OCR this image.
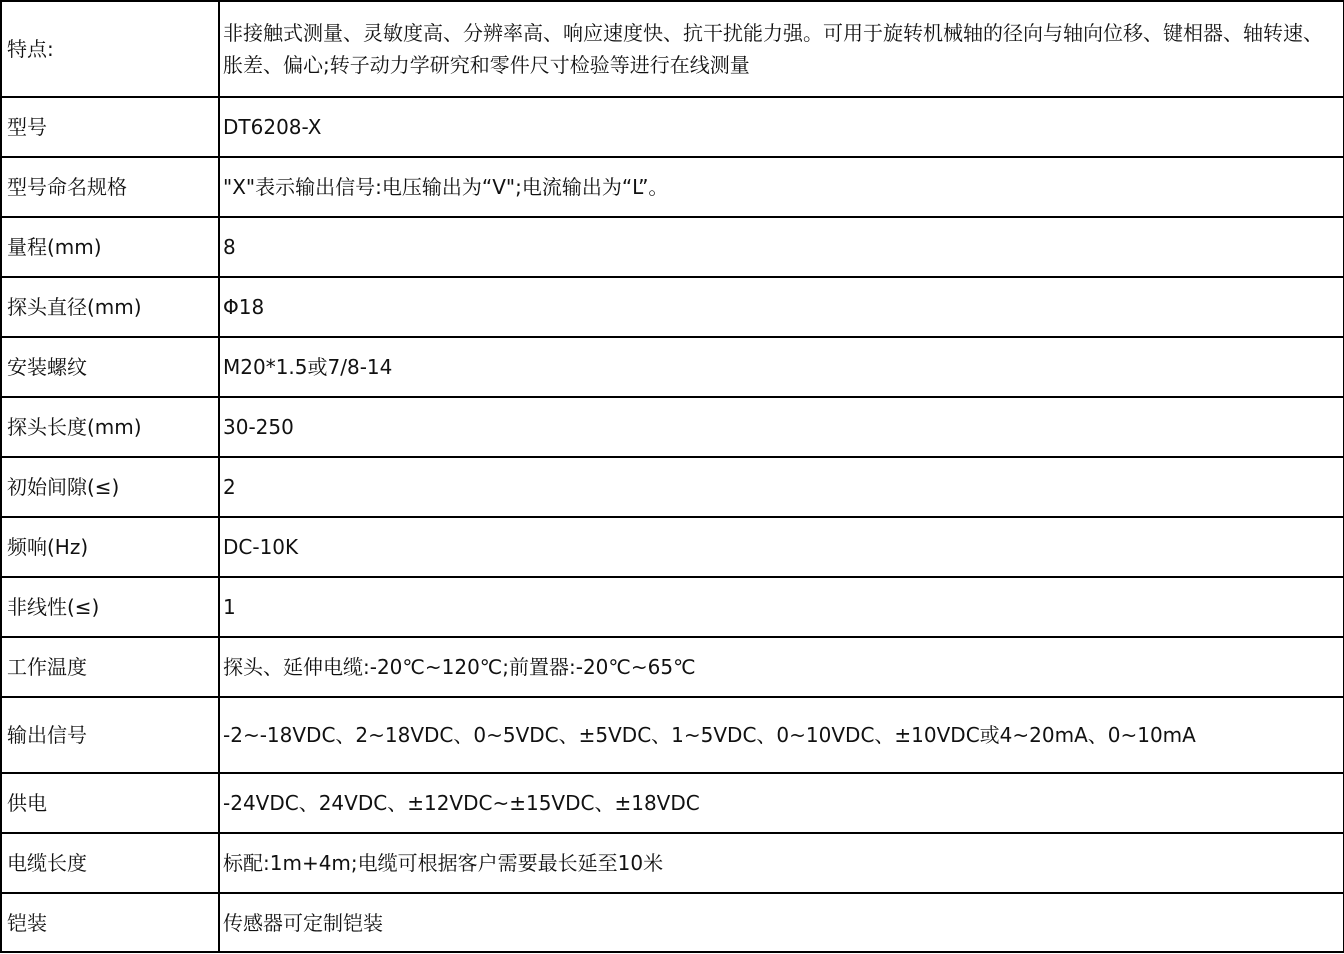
特点:	非接触式测量、灵敏度高、分辨率高、响应速度快、抗干扰能力强。可用于旋转机械轴的径向与轴向位移、键相器、轴转速、胀差、偏心;转子动力学研究和零件尺寸检验等进行在线测量
型号	DT6208-X
型号命名规格	"X"表示输出信号:电压输出为“V";电流输出为“L”。
量程(mm)	8
探头直径(mm)	Φ18
安装螺纹	M20*1.5或7/8-14
探头长度(mm)	30-250
初始间隙(≤)	2
频响(Hz)	DC-10K
非线性(≤)	1
工作温度	探头、延伸电缆:-20℃~120℃;前置器:-20℃~65℃
输出信号	-2~-18VDC、2~18VDC、0~5VDC、±5VDC、1~5VDC、0~10VDC、±10VDC或4~20mA、0~10mA
供电	-24VDC、24VDC、±12VDC~±15VDC、±18VDC
电缆长度	标配:1m+4m;电缆可根据客户需要最长延至10米
铠装	传感器可定制铠装
